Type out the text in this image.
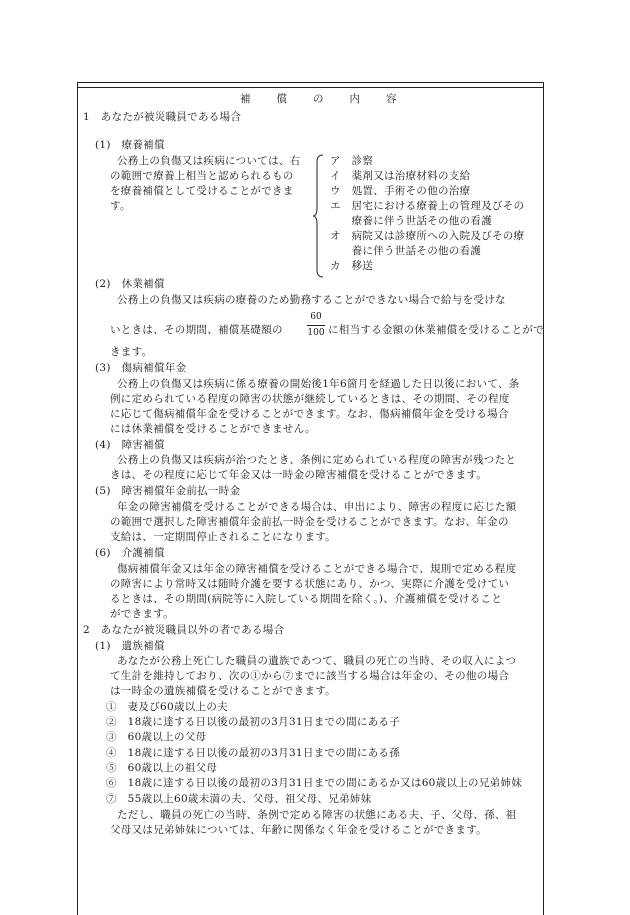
補 償 の 内 容
1　あなたが被災職員である場合
(1)　療養補償
公務上の負傷又は疾病については、右
の範囲で療養上相当と認められるもの
を療養補償として受けることができま
す。
ア　診察
イ　薬剤又は治療材料の支給
ウ　処置、手術その他の治療
エ　居宅における療養上の管理及びその
　　療養に伴う世話その他の看護
オ　病院又は診療所への入院及びその療
　　養に伴う世話その他の看護
カ　移送
(2)　休業補償
公務上の負傷又は疾病の療養のため勤務することができない場合で給与を受けな
いときは、その期間、補償基礎額の
60
100 に相当する金額の休業補償を受けることがで
きます。
(3)　傷病補償年金
公務上の負傷又は疾病に係る療養の開始後1年6箇月を経過した日以後において、条
例に定められている程度の障害の状態が継続しているときは、その期間、その程度
に応じて傷病補償年金を受けることができます。なお、傷病補償年金を受ける場合
には休業補償を受けることができません。
(4)　障害補償
公務上の負傷又は疾病が治つたとき、条例に定められている程度の障害が残つたと
きは、その程度に応じて年金又は一時金の障害補償を受けることができます。
(5)　障害補償年金前払一時金
年金の障害補償を受けることができる場合は、申出により、障害の程度に応じた額
の範囲で選択した障害補償年金前払一時金を受けることができます。なお、年金の
支給は、一定期間停止されることになります。
(6)　介護補償
傷病補償年金又は年金の障害補償を受けることができる場合で、規則で定める程度
の障害により常時又は随時介護を要する状態にあり、かつ、実際に介護を受けてい
るときは、その期間(病院等に入院している期間を除く。)、介護補償を受けること
ができます。
2　あなたが被災職員以外の者である場合
(1)　遺族補償
あなたが公務上死亡した職員の遺族であつて、職員の死亡の当時、その収入によつ
て生計を維持しており、次の①から⑦までに該当する場合は年金の、その他の場合
は一時金の遺族補償を受けることができます。
①　妻及び60歳以上の夫
②　18歳に達する日以後の最初の3月31日までの間にある子
③　60歳以上の父母
④　18歳に達する日以後の最初の3月31日までの間にある孫
⑤　60歳以上の祖父母
⑥　18歳に達する日以後の最初の3月31日までの間にあるか又は60歳以上の兄弟姉妹
⑦　55歳以上60歳未満の夫、父母、祖父母、兄弟姉妹
ただし、職員の死亡の当時、条例で定める障害の状態にある夫、子、父母、孫、祖
父母又は兄弟姉妹については、年齢に関係なく年金を受けることができます。
